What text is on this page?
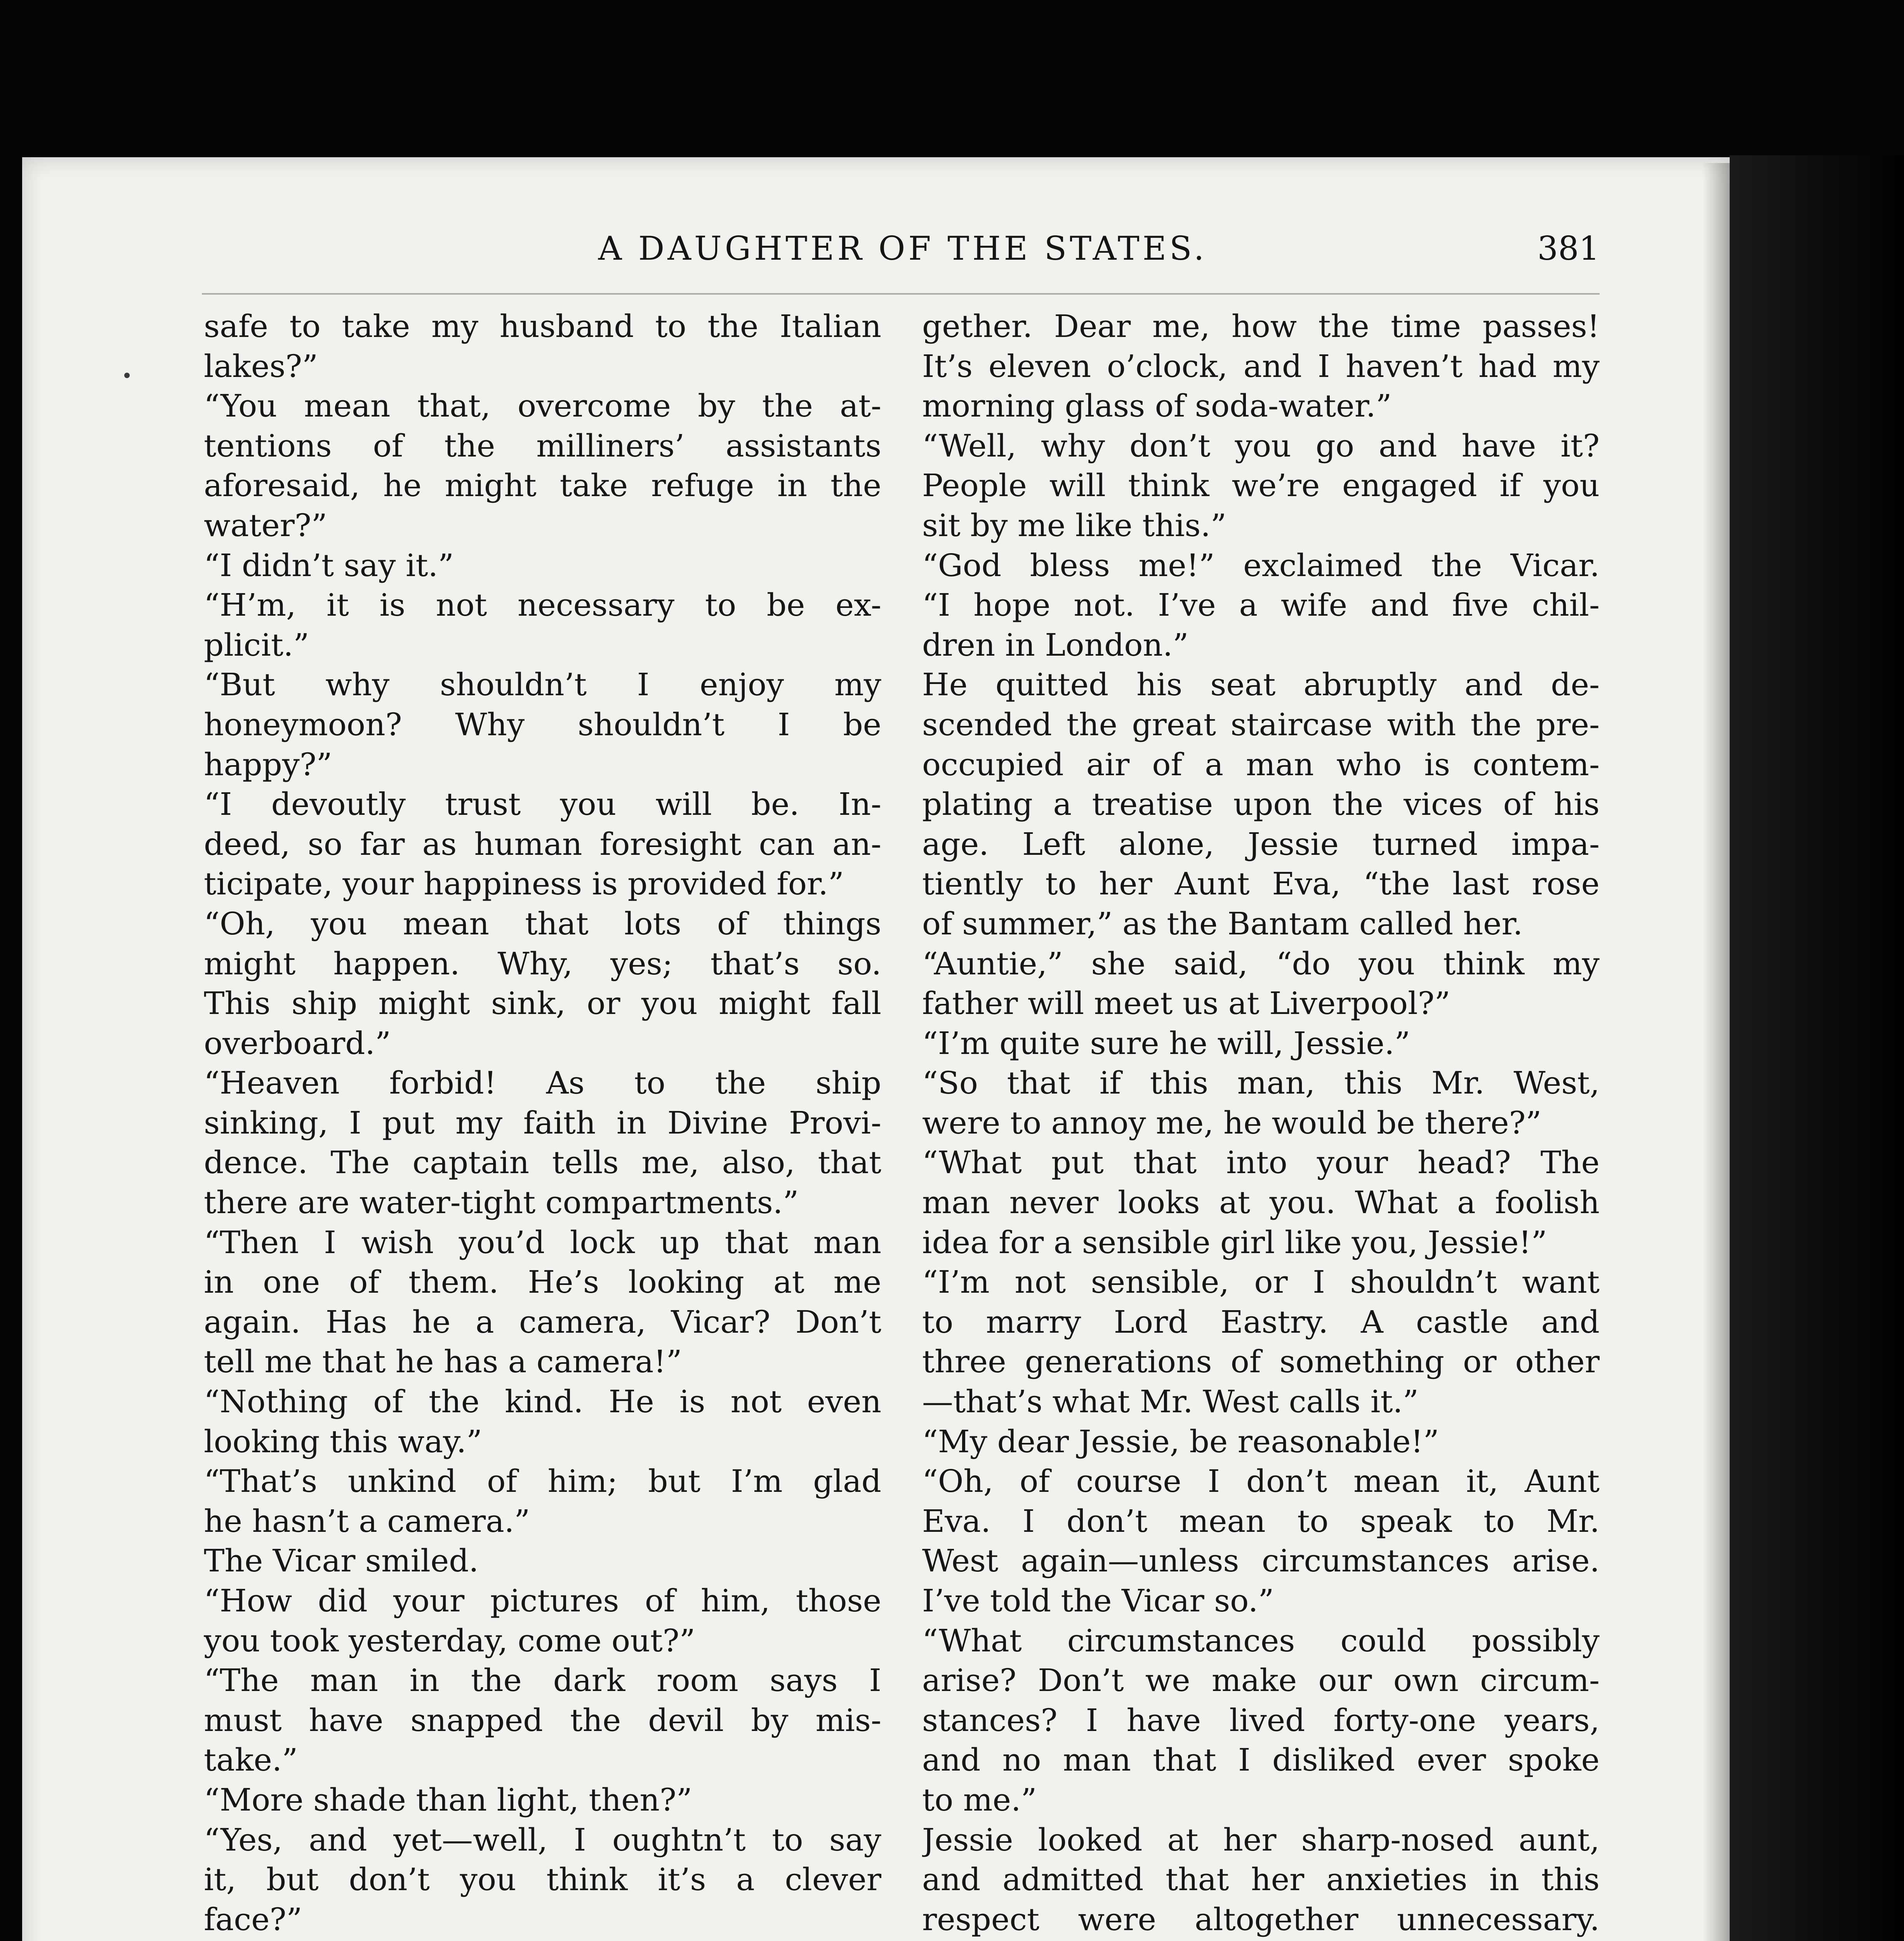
A DAUGHTER OF THE STATES.	381
safe to take my husband to the Italian
lakes?”
“You mean that, overcome by the at-
tentions of the milliners’ assistants
aforesaid, he might take refuge in the
water?”
“I didn’t say it.”
“H’m, it is not necessary to be ex-
plicit.”
“But why shouldn’t I enjoy my
honeymoon? Why shouldn’t I be
happy?”
“I devoutly trust you will be. In-
deed, so far as human foresight can an-
ticipate, your happiness is provided for.”
“Oh, you mean that lots of things
might happen. Why, yes; that’s so.
This ship might sink, or you might fall
overboard.”
“Heaven forbid! As to the ship
sinking, I put my faith in Divine Provi-
dence. The captain tells me, also, that
there are water-tight compartments.”
“Then I wish you’d lock up that man
in one of them. He’s looking at me
again. Has he a camera, Vicar? Don’t
tell me that he has a camera!”
“Nothing of the kind. He is not even
looking this way.”
“That’s unkind of him; but I’m glad
he hasn’t a camera.”
The Vicar smiled.
“How did your pictures of him, those
you took yesterday, come out?”
“The man in the dark room says I
must have snapped the devil by mis-
take.”
“More shade than light, then?”
“Yes, and yet—well, I oughtn’t to say
it, but don’t you think it’s a clever
face?”
gether. Dear me, how the time passes!
It’s eleven o’clock, and I haven’t had my
morning glass of soda-water.”
“Well, why don’t you go and have it?
People will think we’re engaged if you
sit by me like this.”
“God bless me!” exclaimed the Vicar.
“I hope not. I’ve a wife and five chil-
dren in London.”
He quitted his seat abruptly and de-
scended the great staircase with the pre-
occupied air of a man who is contem-
plating a treatise upon the vices of his
age. Left alone, Jessie turned impa-
tiently to her Aunt Eva, “the last rose
of summer,” as the Bantam called her.
“Auntie,” she said, “do you think my
father will meet us at Liverpool?”
“I’m quite sure he will, Jessie.”
“So that if this man, this Mr. West,
were to annoy me, he would be there?”
“What put that into your head? The
man never looks at you. What a foolish
idea for a sensible girl like you, Jessie!”
“I’m not sensible, or I shouldn’t want
to marry Lord Eastry. A castle and
three generations of something or other
—that’s what Mr. West calls it.”
“My dear Jessie, be reasonable!”
“Oh, of course I don’t mean it, Aunt
Eva. I don’t mean to speak to Mr.
West again—unless circumstances arise.
I’ve told the Vicar so.”
“What circumstances could possibly
arise? Don’t we make our own circum-
stances? I have lived forty-one years,
and no man that I disliked ever spoke
to me.”
Jessie looked at her sharp-nosed aunt,
and admitted that her anxieties in this
respect were altogether unnecessary.
